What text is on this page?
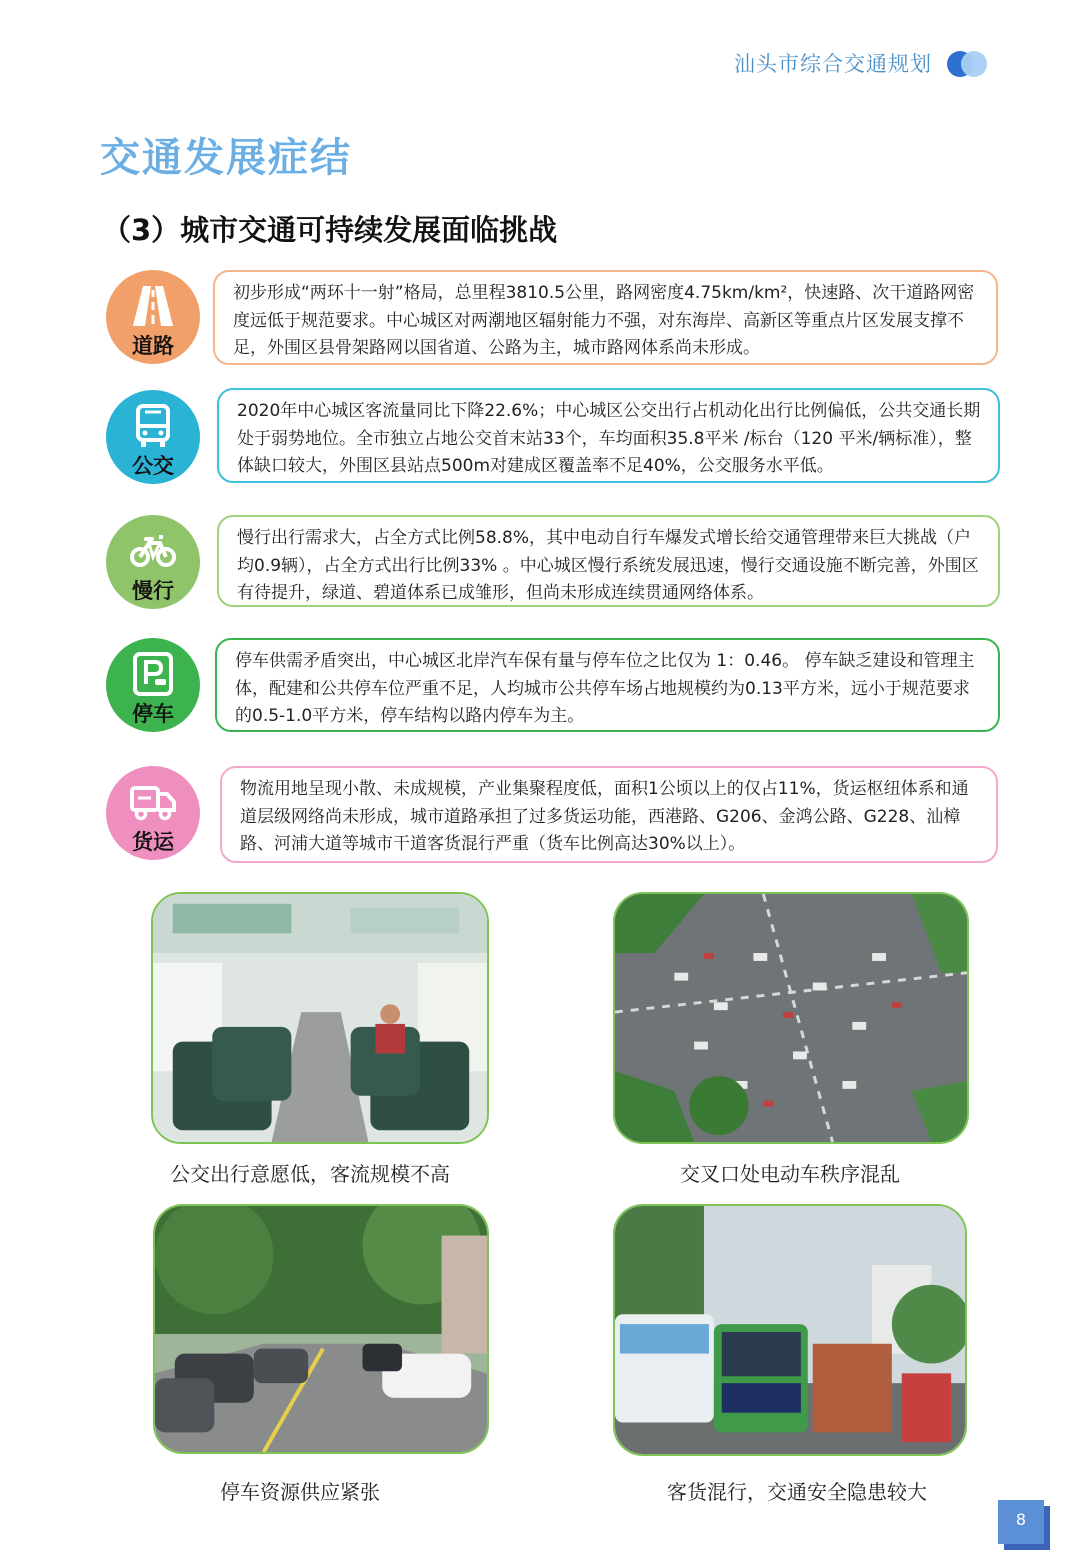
汕头市综合交通规划
交通发展症结
（3）城市交通可持续发展面临挑战
道路
初步形成“两环十一射”格局，总里程3810.5公里，路网密度4.75km/km²，快速路、次干道路网密度远低于规范要求。中心城区对两潮地区辐射能力不强，对东海岸、高新区等重点片区发展支撑不足，外围区县骨架路网以国省道、公路为主，城市路网体系尚未形成。
公交
2020年中心城区客流量同比下降22.6%；中心城区公交出行占机动化出行比例偏低，公共交通长期处于弱势地位。全市独立占地公交首末站33个，车均面积35.8平米 /标台（120 平米/辆标准），整体缺口较大，外围区县站点500m对建成区覆盖率不足40%，公交服务水平低。
慢行
慢行出行需求大，占全方式比例58.8%，其中电动自行车爆发式增长给交通管理带来巨大挑战（户均0.9辆），占全方式出行比例33% 。中心城区慢行系统发展迅速，慢行交通设施不断完善，外围区有待提升，绿道、碧道体系已成雏形，但尚未形成连续贯通网络体系。
停车
停车供需矛盾突出，中心城区北岸汽车保有量与停车位之比仅为 1：0.46。 停车缺乏建设和管理主体，配建和公共停车位严重不足，人均城市公共停车场占地规模约为0.13平方米，远小于规范要求的0.5-1.0平方米，停车结构以路内停车为主。
货运
物流用地呈现小散、未成规模，产业集聚程度低，面积1公顷以上的仅占11%，货运枢纽体系和通道层级网络尚未形成，城市道路承担了过多货运功能，西港路、G206、金鸿公路、G228、汕樟路、河浦大道等城市干道客货混行严重（货车比例高达30%以上）。
公交出行意愿低，客流规模不高	交叉口处电动车秩序混乱
停车资源供应紧张	客货混行，交通安全隐患较大
8
